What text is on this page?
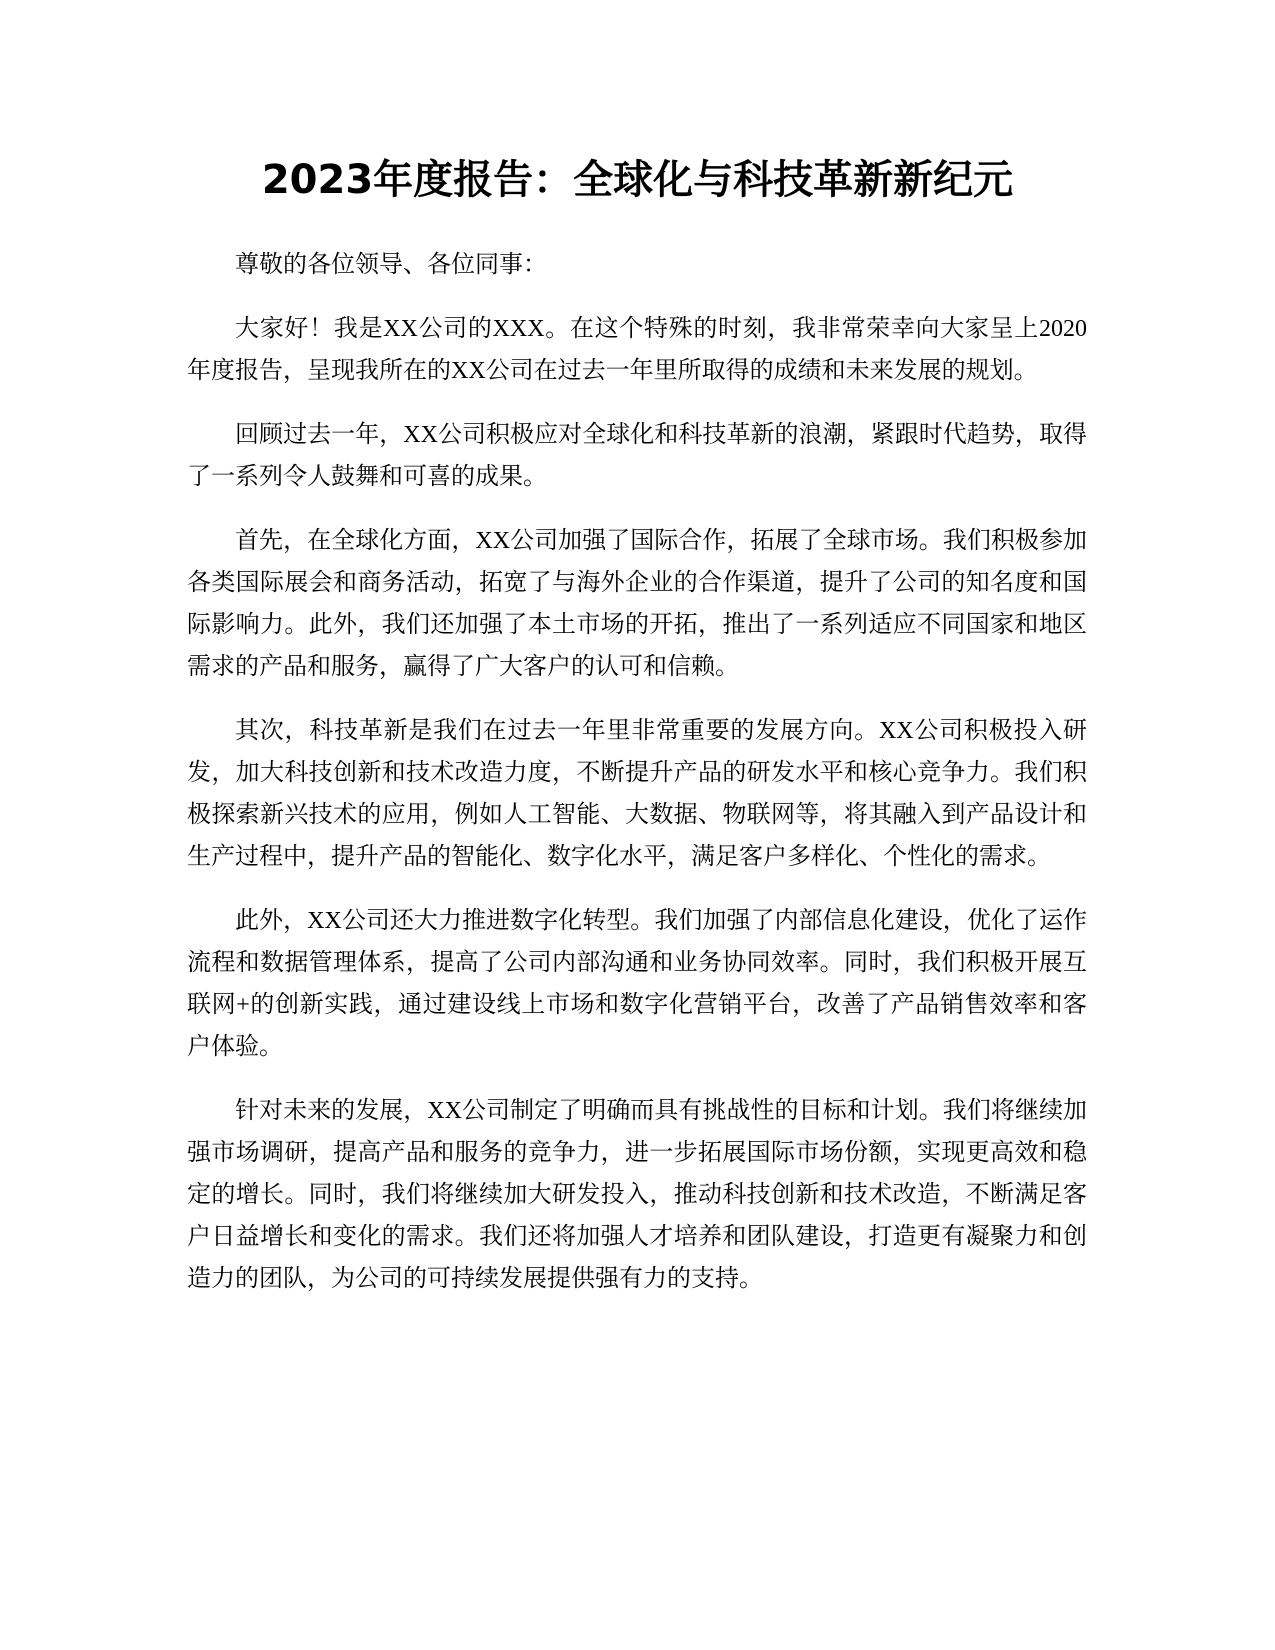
2023年度报告：全球化与科技革新新纪元

尊敬的各位领导、各位同事：

大家好！我是XX公司的XXX。在这个特殊的时刻，我非常荣幸向大家呈上2020年度报告，呈现我所在的XX公司在过去一年里所取得的成绩和未来发展的规划。

回顾过去一年，XX公司积极应对全球化和科技革新的浪潮，紧跟时代趋势，取得了一系列令人鼓舞和可喜的成果。

首先，在全球化方面，XX公司加强了国际合作，拓展了全球市场。我们积极参加各类国际展会和商务活动，拓宽了与海外企业的合作渠道，提升了公司的知名度和国际影响力。此外，我们还加强了本土市场的开拓，推出了一系列适应不同国家和地区需求的产品和服务，赢得了广大客户的认可和信赖。

其次，科技革新是我们在过去一年里非常重要的发展方向。XX公司积极投入研发，加大科技创新和技术改造力度，不断提升产品的研发水平和核心竞争力。我们积极探索新兴技术的应用，例如人工智能、大数据、物联网等，将其融入到产品设计和生产过程中，提升产品的智能化、数字化水平，满足客户多样化、个性化的需求。

此外，XX公司还大力推进数字化转型。我们加强了内部信息化建设，优化了运作流程和数据管理体系，提高了公司内部沟通和业务协同效率。同时，我们积极开展互联网+的创新实践，通过建设线上市场和数字化营销平台，改善了产品销售效率和客户体验。

针对未来的发展，XX公司制定了明确而具有挑战性的目标和计划。我们将继续加强市场调研，提高产品和服务的竞争力，进一步拓展国际市场份额，实现更高效和稳定的增长。同时，我们将继续加大研发投入，推动科技创新和技术改造，不断满足客户日益增长和变化的需求。我们还将加强人才培养和团队建设，打造更有凝聚力和创造力的团队，为公司的可持续发展提供强有力的支持。
